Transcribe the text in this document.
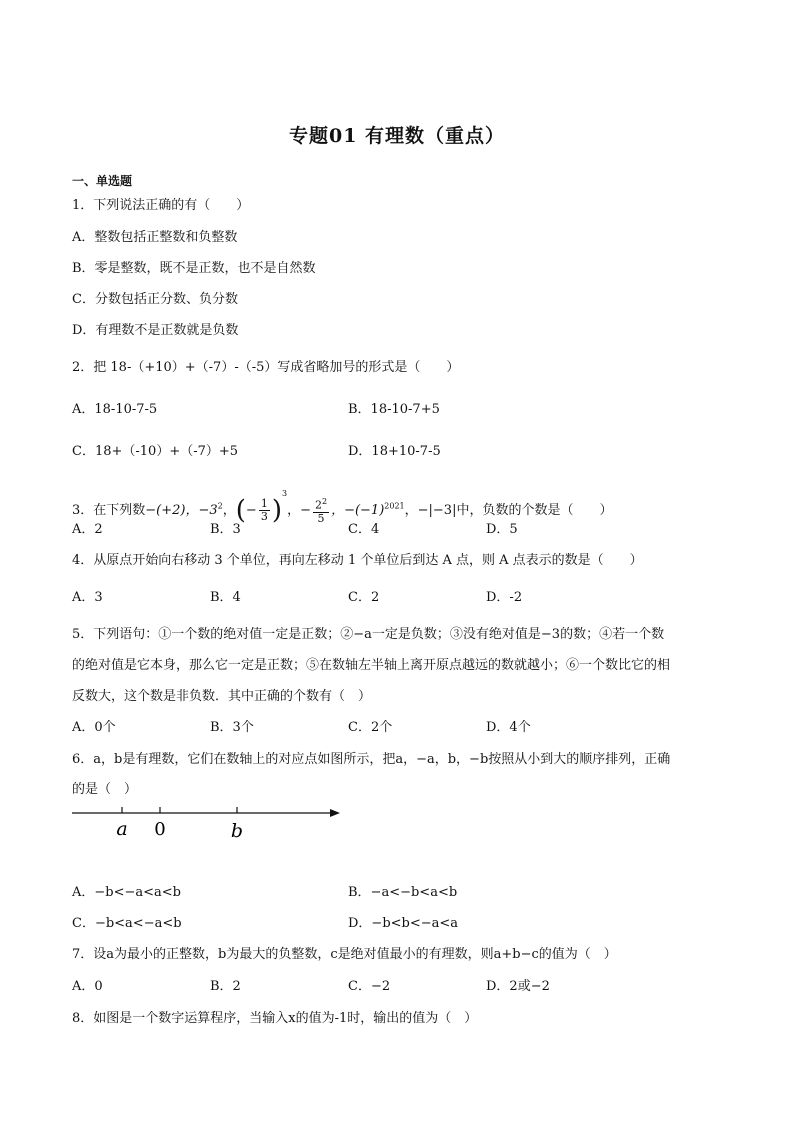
专题01 有理数（重点）
一、单选题
1．下列说法正确的有（　　）
A．整数包括正整数和负整数
B．零是整数，既不是正数，也不是自然数
C．分数包括正分数、负分数
D．有理数不是正数就是负数
2．把 18-（+10）+（-7）-（-5）写成省略加号的形式是（　　）
A．18-10-7-5	B．18-10-7+5
C．18+（-10）+（-7）+5	D．18+10-7-5
3．在下列数−(+2)，$-3^2$，(− $\frac{1}{3} )^3$，− $\frac{2^2}{5}$ ，$-(-1)^{2021}$，−|−3|中，负数的个数是（　　）
A．2	B．3	C．4	D．5
4．从原点开始向右移动 3 个单位，再向左移动 1 个单位后到达 A 点，则 A 点表示的数是（　　）
A．3	B．4	C．2	D．-2
5．下列语句：①一个数的绝对值一定是正数；②−a一定是负数；③没有绝对值是−3的数；④若一个数
的绝对值是它本身，那么它一定是正数；⑤在数轴左半轴上离开原点越远的数就越小；⑥一个数比它的相
反数大，这个数是非负数．其中正确的个数有（　）
A．0个	B．3个	C．2个	D．4个
6．a，b是有理数，它们在数轴上的对应点如图所示，把a，−a，b，−b按照从小到大的顺序排列，正确
的是（　）
a 0	b
A．−b<−a<a<b	B．−a<−b<a<b
C．−b<a<−a<b	D．−b<b<−a<a
7．设a为最小的正整数，b为最大的负整数，c是绝对值最小的有理数，则a+b−c的值为（　）
A．0	B．2	C．−2	D．2或−2
8．如图是一个数字运算程序，当输入x的值为-1时，输出的值为（　）
